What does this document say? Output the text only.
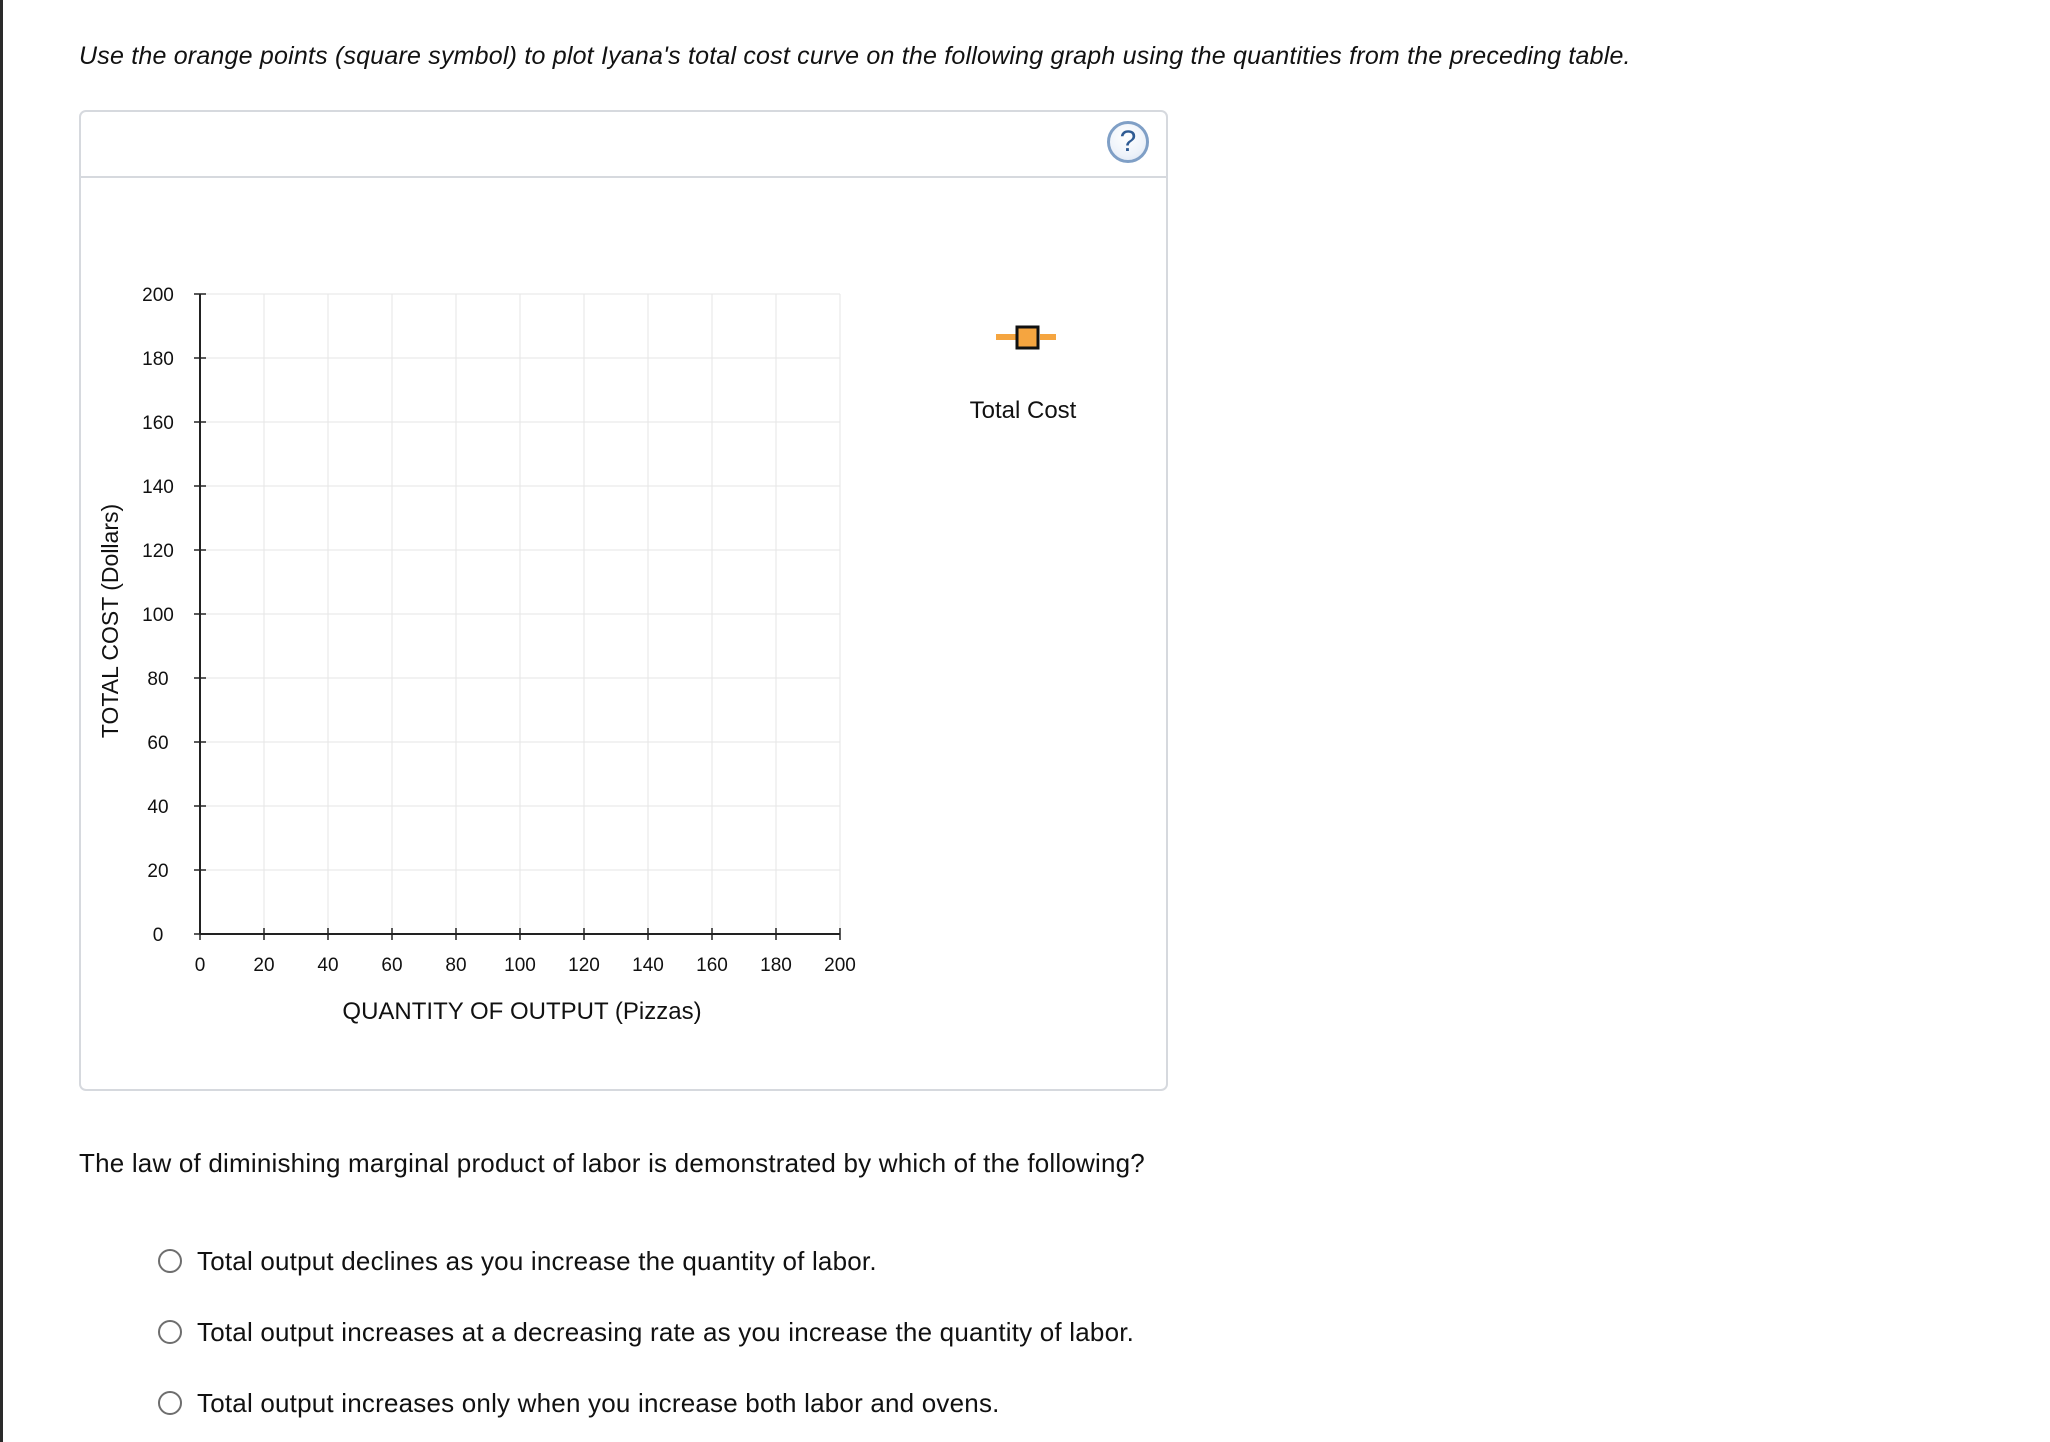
Use the orange points (square symbol) to plot Iyana's total cost curve on the following graph using the quantities from the preceding table.
?
0
20
40
60
80
100
120
140
160
180
200
0	20 40 60 80 100 120 140 160 180 200
QUANTITY OF OUTPUT (Pizzas)
TOTAL COST (Dollars)
Total Cost
The law of diminishing marginal product of labor is demonstrated by which of the following?
Total output declines as you increase the quantity of labor.
Total output increases at a decreasing rate as you increase the quantity of labor.
Total output increases only when you increase both labor and ovens.
